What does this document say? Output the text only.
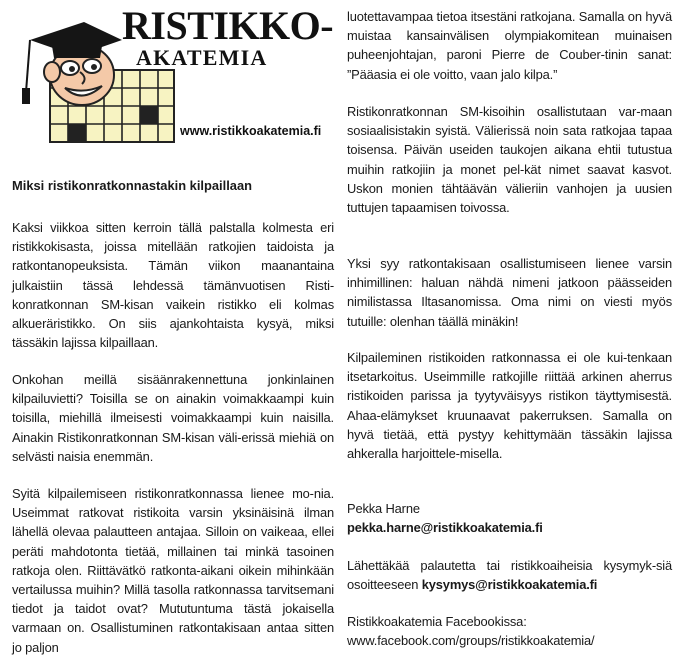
RISTIKKO-
AKATEMIA
www.ristikkoakatemia.fi
Miksi ristikonratkonnastakin kilpaillaan

Kaksi viikkoa sitten kerroin tällä palstalla kolmesta eri ristikkokisasta, joissa mitellään ratkojien taidoista ja ratkontanopeuksista. Tämän viikon maanantaina julkaistiin tässä lehdessä tämänvuotisen Risti-konratkonnan SM-kisan vaikein ristikko eli kolmas alkueräristikko. On siis ajankohtaista kysyä, miksi tässäkin lajissa kilpaillaan.

Onkohan meillä sisäänrakennettuna jonkinlainen kilpailuvietti? Toisilla se on ainakin voimakkaampi kuin toisilla, miehillä ilmeisesti voimakkaampi kuin naisilla. Ainakin Ristikonratkonnan SM-kisan väli-erissä miehiä on selvästi naisia enemmän.

Syitä kilpailemiseen ristikonratkonnassa lienee mo-nia. Useimmat ratkovat ristikoita varsin yksinäisinä ilman lähellä olevaa palautteen antajaa. Silloin on vaikeaa, ellei peräti mahdotonta tietää, millainen tai minkä tasoinen ratkoja olen. Riittävätkö ratkonta-aikani oikein mihinkään vertailussa muihin? Millä tasolla ratkonnassa tarvitsemani tiedot ja taidot ovat? Mututuntuma tästä jokaisella varmaan on. Osallistuminen ratkontakisaan antaa sitten jo paljon

luotettavampaa tietoa itsestäni ratkojana. Samalla on hyvä muistaa kansainvälisen olympiakomitean muinaisen puheenjohtajan, paroni Pierre de Couber-tinin sanat: ”Pääasia ei ole voitto, vaan jalo kilpa.”

Ristikonratkonnan SM-kisoihin osallistutaan var-maan sosiaalisistakin syistä. Välierissä noin sata ratkojaa tapaa toisensa. Päivän useiden taukojen aikana ehtii tutustua muihin ratkojiin ja monet pel-kät nimet saavat kasvot. Uskon monien tähtäävän välieriin vanhojen ja uusien tuttujen tapaamisen toivossa.

Yksi syy ratkontakisaan osallistumiseen lienee varsin inhimillinen: haluan nähdä nimeni jatkoon päässeiden nimilistassa Iltasanomissa. Oma nimi on viesti myös tutuille: olenhan täällä minäkin!

Kilpaileminen ristikoiden ratkonnassa ei ole kui-tenkaan itsetarkoitus. Useimmille ratkojille riittää arkinen aherrus ristikoiden parissa ja tyytyväisyys ristikon täyttymisestä. Ahaa-elämykset kruunaavat pakerruksen. Samalla on hyvä tietää, että pystyy kehittymään tässäkin lajissa ahkeralla harjoittele-misella.

Pekka Harne

pekka.harne@ristikkoakatemia.fi

Lähettäkää palautetta tai ristikkoaiheisia kysymyk-siä osoitteeseen kysymys@ristikkoakatemia.fi

Ristikkoakatemia Facebookissa:

www.facebook.com/groups/ristikkoakatemia/
